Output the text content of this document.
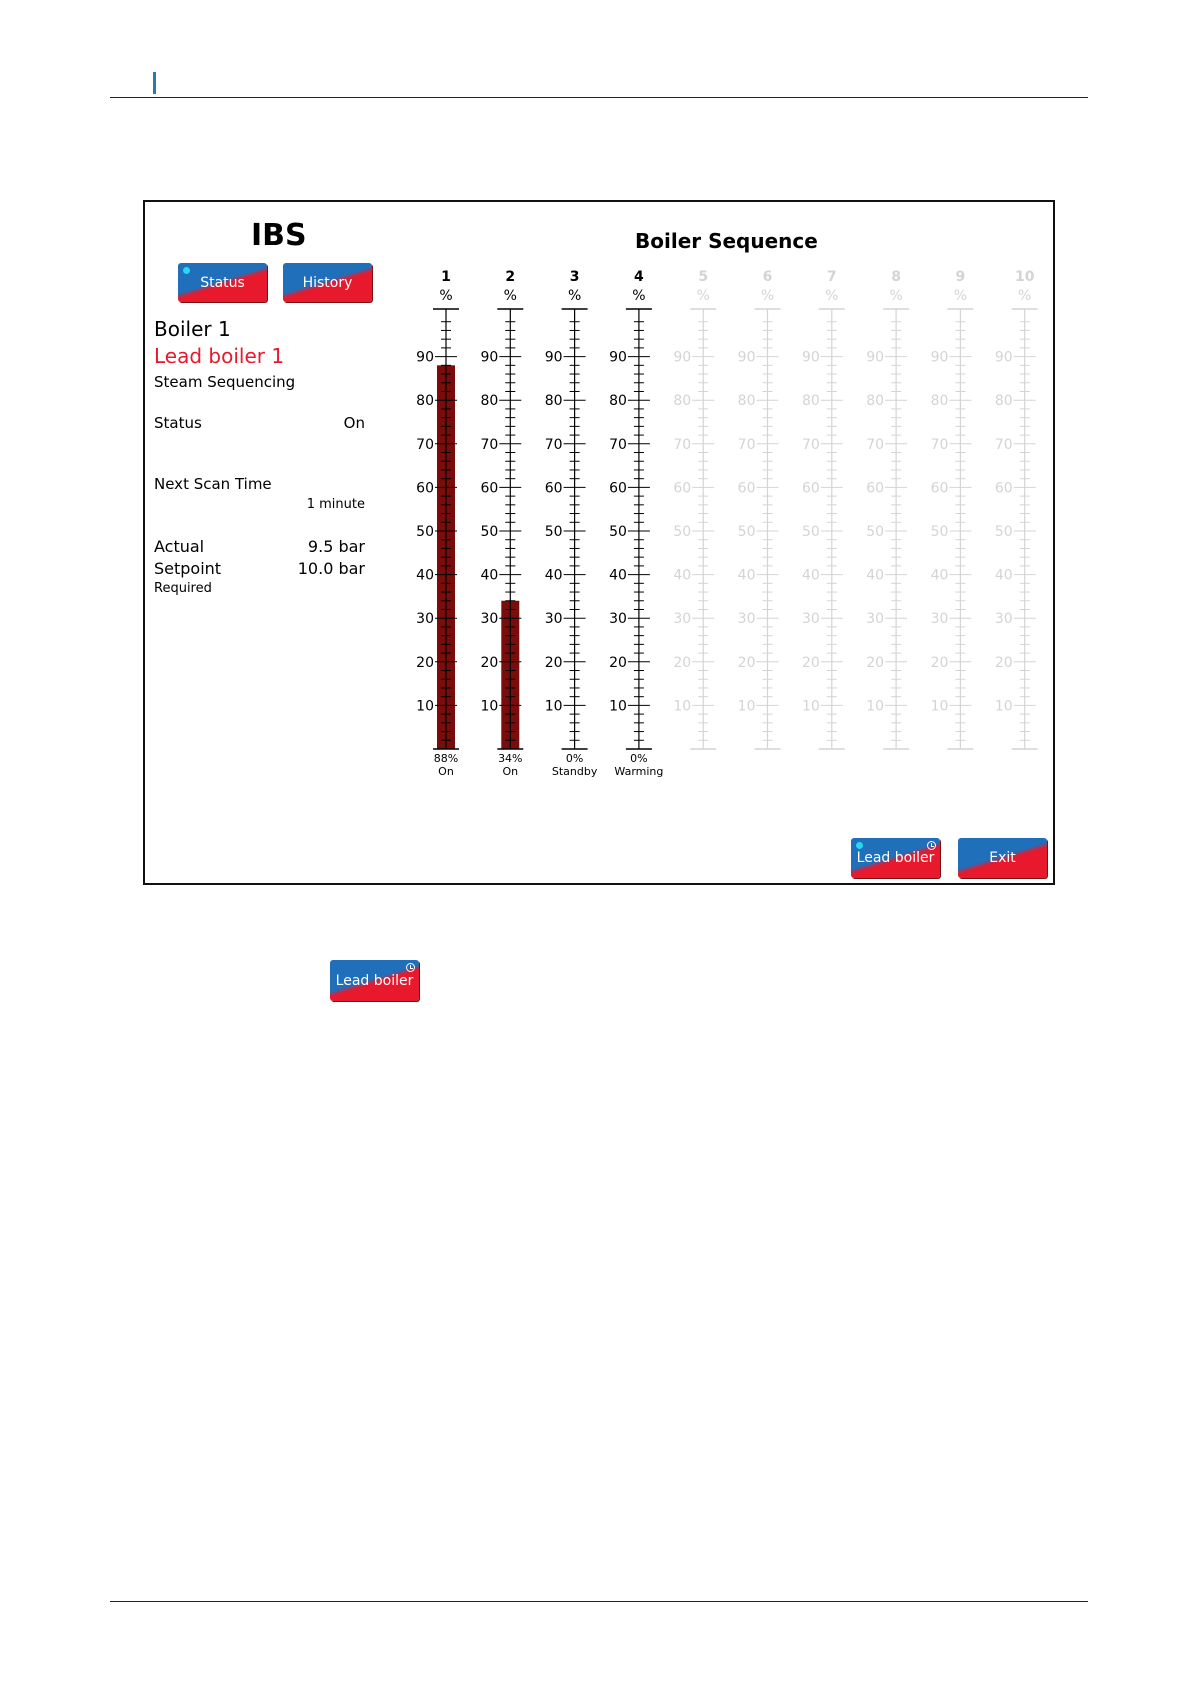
IBS	Boiler Sequence
Status	History
Boiler 1
Lead boiler 1
Steam Sequencing
Status	On
Next Scan Time
1 minute
Actual	9.5 bar
Setpoint	10.0 bar
Required
1
%
10
20
30
40
50
60
70
80
90
88%
2
%
10
20
30
40
50
60
70
80
90
34%
3
%
10
20
30
40
50
60
70
80
90
0%
4
%
10
20
30
40
50
60
70
80
90
0%
5
%
10
20
30
40
50
60
70
80
90
6
%
10
20
30
40
50
60
70
80
90
7
%
10
20
30
40
50
60
70
80
90
8
%
10
20
30
40
50
60
70
80
90
9
%
10
20
30
40
50
60
70
80
90
10
%
10
20
30
40
50
60
70
80
90
Lead boiler	Exit
On	On	Standby	Warming
Lead boiler
